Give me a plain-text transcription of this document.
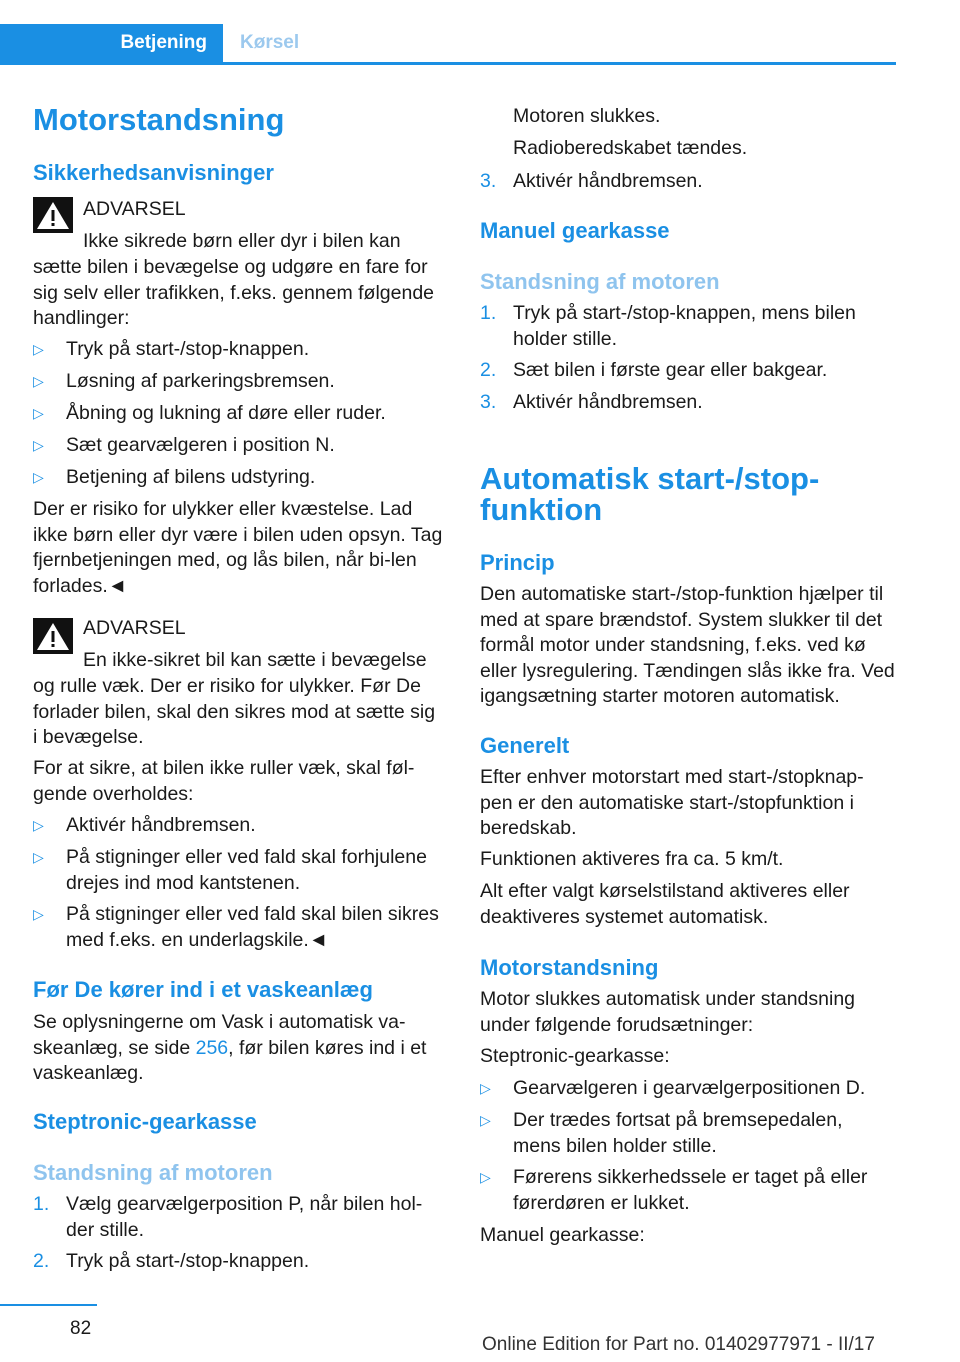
Betjening Kørsel
Motorstandsning
Sikkerhedsanvisninger
ADVARSEL
Ikke sikrede børn eller dyr i bilen kan
sætte bilen i bevægelse og udgøre en fare for sig selv eller trafikken, f.eks. gennem følgende handlinger:
▷ Tryk på start-/stop-knappen.
▷ Løsning af parkeringsbremsen.
▷ Åbning og lukning af døre eller ruder.
▷ Sæt gearvælgeren i position N.
▷ Betjening af bilens udstyring.
Der er risiko for ulykker eller kvæstelse. Lad ikke børn eller dyr være i bilen uden opsyn. Tag fjernbetjeningen med, og lås bilen, når bi-len forlades.◄
ADVARSEL
En ikke-sikret bil kan sætte i bevægelse
og rulle væk. Der er risiko for ulykker. Før De forlader bilen, skal den sikres mod at sætte sig i bevægelse.
For at sikre, at bilen ikke ruller væk, skal føl-gende overholdes:
▷ Aktivér håndbremsen.
▷ På stigninger eller ved fald skal forhjulene drejes ind mod kantstenen.
▷ På stigninger eller ved fald skal bilen sikres med f.eks. en underlagskile.◄
Før De kører ind i et vaskeanlæg
Se oplysningerne om Vask i automatisk va-skeanlæg, se side 256, før bilen køres ind i et vaskeanlæg.
Steptronic-gearkasse
Standsning af motoren
1. Vælg gearvælgerposition P, når bilen hol-der stille.
2. Tryk på start-/stop-knappen.
Motoren slukkes.
Radioberedskabet tændes.
3. Aktivér håndbremsen.
Manuel gearkasse
Standsning af motoren
1. Tryk på start-/stop-knappen, mens bilen holder stille.
2. Sæt bilen i første gear eller bakgear.
3. Aktivér håndbremsen.
Automatisk start-/stop-
funktion
Princip
Den automatiske start-/stop-funktion hjælper til med at spare brændstof. System slukker til det formål motor under standsning, f.eks. ved kø eller lysregulering. Tændingen slås ikke fra. Ved igangsætning starter motoren automatisk.
Generelt
Efter enhver motorstart med start-/stopknap-pen er den automatiske start-/stopfunktion i beredskab.
Funktionen aktiveres fra ca. 5 km/t.
Alt efter valgt kørselstilstand aktiveres eller deaktiveres systemet automatisk.
Motorstandsning
Motor slukkes automatisk under standsning under følgende forudsætninger:
Steptronic-gearkasse:
▷ Gearvælgeren i gearvælgerpositionen D.
▷ Der trædes fortsat på bremsepedalen, mens bilen holder stille.
▷ Førerens sikkerhedssele er taget på eller førerdøren er lukket.
Manuel gearkasse:
82
Online Edition for Part no. 01402977971 - II/17
